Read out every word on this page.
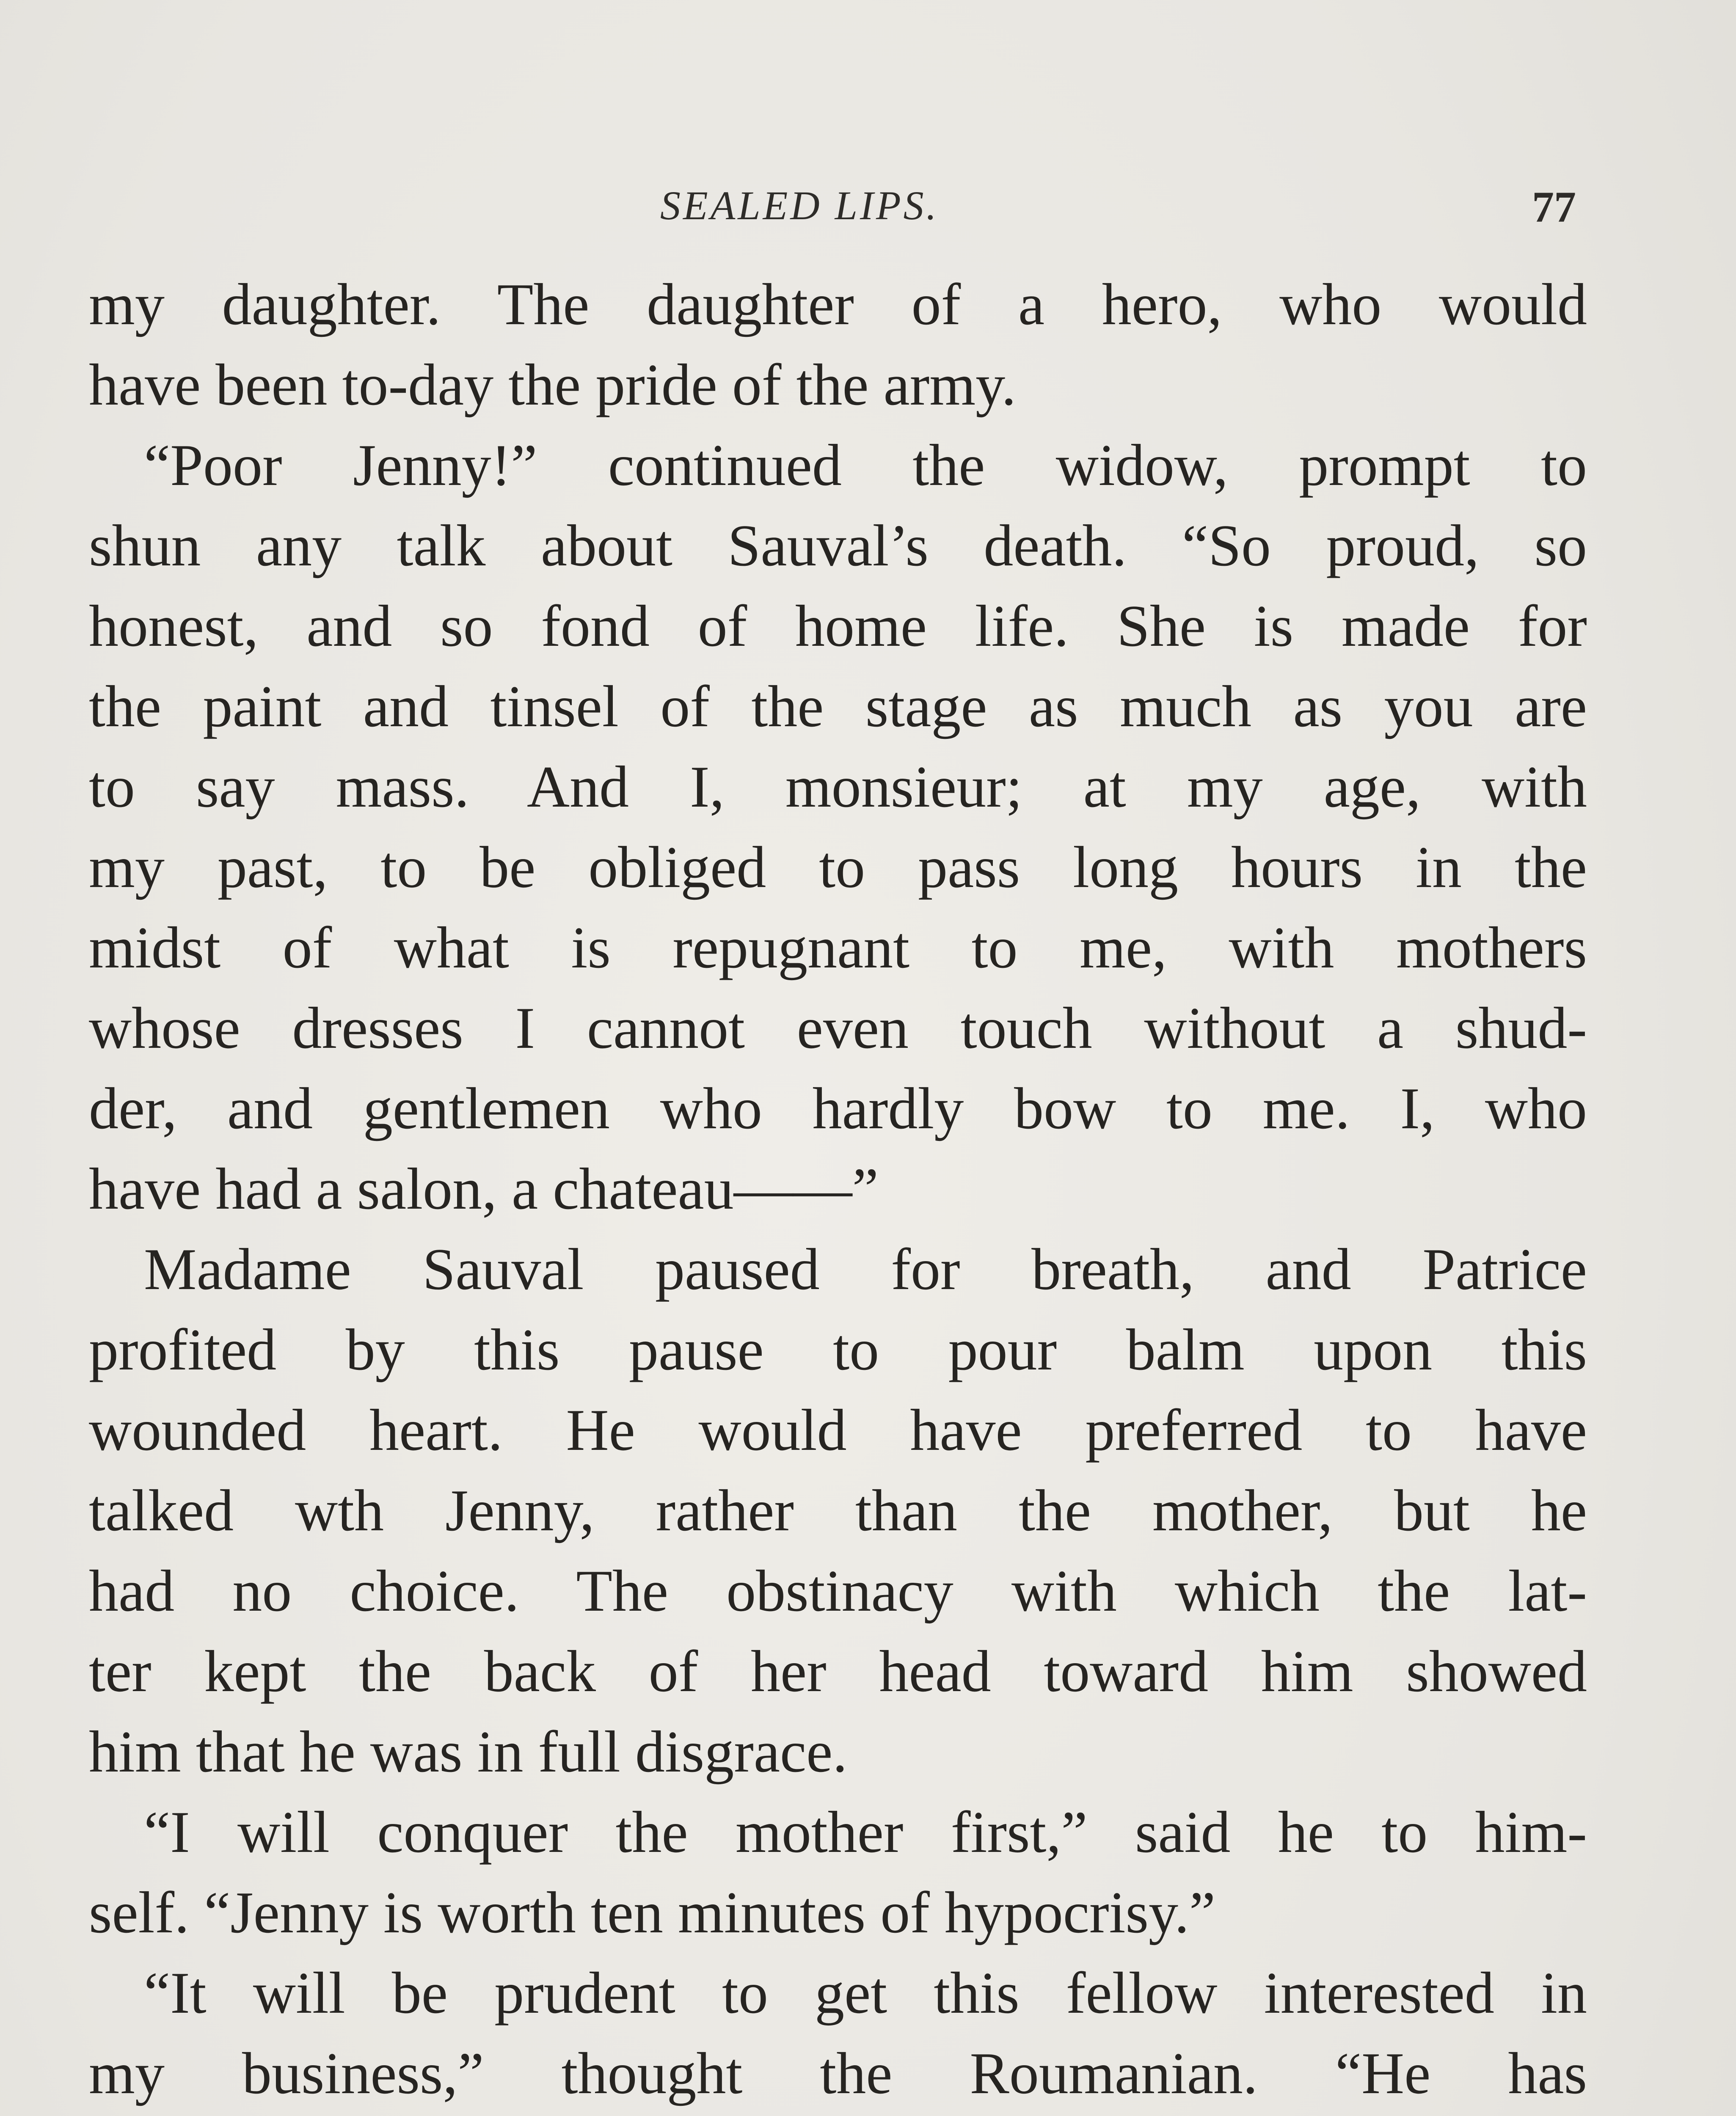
SEALED LIPS.	77
my daughter. The daughter of a hero, who would
have been to-day the pride of the army.
“Poor Jenny!” continued the widow, prompt to
shun any talk about Sauval’s death. “So proud, so
honest, and so fond of home life. She is made for
the paint and tinsel of the stage as much as you are
to say mass. And I, monsieur; at my age, with
my past, to be obliged to pass long hours in the
midst of what is repugnant to me, with mothers
whose dresses I cannot even touch without a shud-
der, and gentlemen who hardly bow to me. I, who
have had a salon, a chateau——”
Madame Sauval paused for breath, and Patrice
profited by this pause to pour balm upon this
wounded heart. He would have preferred to have
talked wth Jenny, rather than the mother, but he
had no choice. The obstinacy with which the lat-
ter kept the back of her head toward him showed
him that he was in full disgrace.
“I will conquer the mother first,” said he to him-
self. “Jenny is worth ten minutes of hypocrisy.”
“It will be prudent to get this fellow interested in
my business,” thought the Roumanian. “He has
